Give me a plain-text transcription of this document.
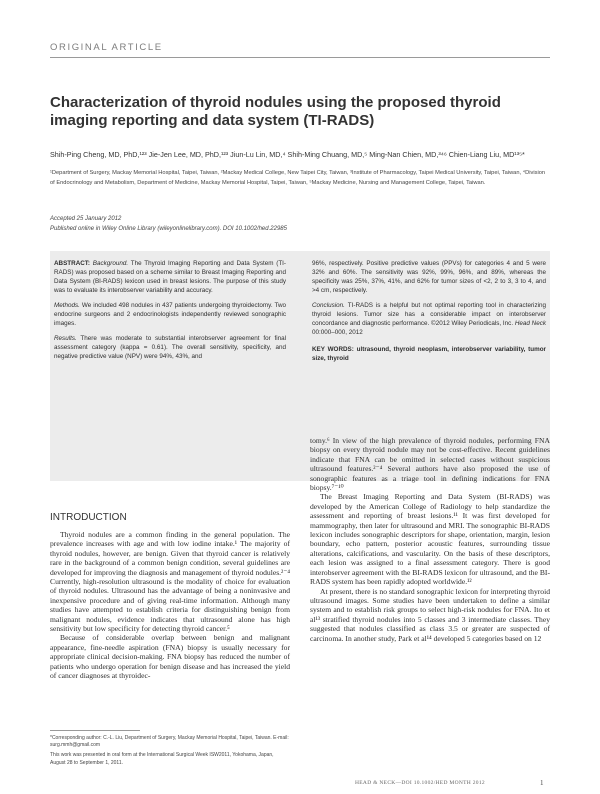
ORIGINAL ARTICLE
Characterization of thyroid nodules using the proposed thyroid imaging reporting and data system (TI-RADS)
Shih-Ping Cheng, MD, PhD,¹²³ Jie-Jen Lee, MD, PhD,¹²³ Jiun-Lu Lin, MD,⁴ Shih-Ming Chuang, MD,⁵ Ming-Nan Chien, MD,³⁴⁶ Chien-Liang Liu, MD¹³⁵*
¹Department of Surgery, Mackay Memorial Hospital, Taipei, Taiwan, ²Mackay Medical College, New Taipei City, Taiwan, ³Institute of Pharmacology, Taipei Medical University, Taipei, Taiwan, ⁴Division of Endocrinology and Metabolism, Department of Medicine, Mackay Memorial Hospital, Taipei, Taiwan, ⁵Mackay Medicine, Nursing and Management College, Taipei, Taiwan.
Accepted 25 January 2012
Published online in Wiley Online Library (wileyonlinelibrary.com). DOI 10.1002/hed.22985

ABSTRACT: Background. The Thyroid Imaging Reporting and Data System (TI-RADS) was proposed based on a scheme similar to Breast Imaging Reporting and Data System (BI-RADS) lexicon used in breast lesions. The purpose of this study was to evaluate its interobserver variability and accuracy.

Methods. We included 498 nodules in 437 patients undergoing thyroidectomy. Two endocrine surgeons and 2 endocrinologists independently reviewed sonographic images.

Results. There was moderate to substantial interobserver agreement for final assessment category (kappa = 0.61). The overall sensitivity, specificity, and negative predictive value (NPV) were 94%, 43%, and

96%, respectively. Positive predictive values (PPVs) for categories 4 and 5 were 32% and 60%. The sensitivity was 92%, 99%, 96%, and 89%, whereas the specificity was 25%, 37%, 41%, and 62% for tumor sizes of <2, 2 to 3, 3 to 4, and >4 cm, respectively.

Conclusion. TI-RADS is a helpful but not optimal reporting tool in characterizing thyroid lesions. Tumor size has a considerable impact on interobserver concordance and diagnostic performance. ©2012 Wiley Periodicals, Inc. Head Neck 00:000–000, 2012

KEY WORDS: ultrasound, thyroid neoplasm, interobserver variability, tumor size, thyroid
INTRODUCTION

Thyroid nodules are a common finding in the general population. The prevalence increases with age and with low iodine intake.¹ The majority of thyroid nodules, however, are benign. Given that thyroid cancer is relatively rare in the background of a common benign condition, several guidelines are developed for improving the diagnosis and management of thyroid nodules.²⁻⁴ Currently, high-resolution ultrasound is the modality of choice for evaluation of thyroid nodules. Ultrasound has the advantage of being a noninvasive and inexpensive procedure and of giving real-time information. Although many studies have attempted to establish criteria for distinguishing benign from malignant nodules, evidence indicates that ultrasound alone has high sensitivity but low specificity for detecting thyroid cancer.⁵

Because of considerable overlap between benign and malignant appearance, fine-needle aspiration (FNA) biopsy is usually necessary for appropriate clinical decision-making. FNA biopsy has reduced the number of patients who undergo operation for benign disease and has increased the yield of cancer diagnoses at thyroidec-

tomy.⁶ In view of the high prevalence of thyroid nodules, performing FNA biopsy on every thyroid nodule may not be cost-effective. Recent guidelines indicate that FNA can be omitted in selected cases without suspicious ultrasound features.²⁻⁴ Several authors have also proposed the use of sonographic features as a triage tool in defining indications for FNA biopsy.⁷⁻¹⁰

The Breast Imaging Reporting and Data System (BI-RADS) was developed by the American College of Radiology to help standardize the assessment and reporting of breast lesions.¹¹ It was first developed for mammography, then later for ultrasound and MRI. The sonographic BI-RADS lexicon includes sonographic descriptors for shape, orientation, margin, lesion boundary, echo pattern, posterior acoustic features, surrounding tissue alterations, calcifications, and vascularity. On the basis of these descriptors, each lesion was assigned to a final assessment category. There is good interobserver agreement with the BI-RADS lexicon for ultrasound, and the BI-RADS system has been rapidly adopted worldwide.¹²

At present, there is no standard sonographic lexicon for interpreting thyroid ultrasound images. Some studies have been undertaken to define a similar system and to establish risk groups to select high-risk nodules for FNA. Ito et al¹³ stratified thyroid nodules into 5 classes and 3 intermediate classes. They suggested that nodules classified as class 3.5 or greater are suspected of carcinoma. In another study, Park et al¹⁴ developed 5 categories based on 12

*Corresponding author: C.-L. Liu, Department of Surgery, Mackay Memorial Hospital, Taipei, Taiwan. E-mail: surg.mmh@gmail.com

This work was presented in oral form at the International Surgical Week ISW2011, Yokohama, Japan, August 28 to September 1, 2011.

HEAD & NECK—DOI 10.1002/HED MONTH 2012	1
